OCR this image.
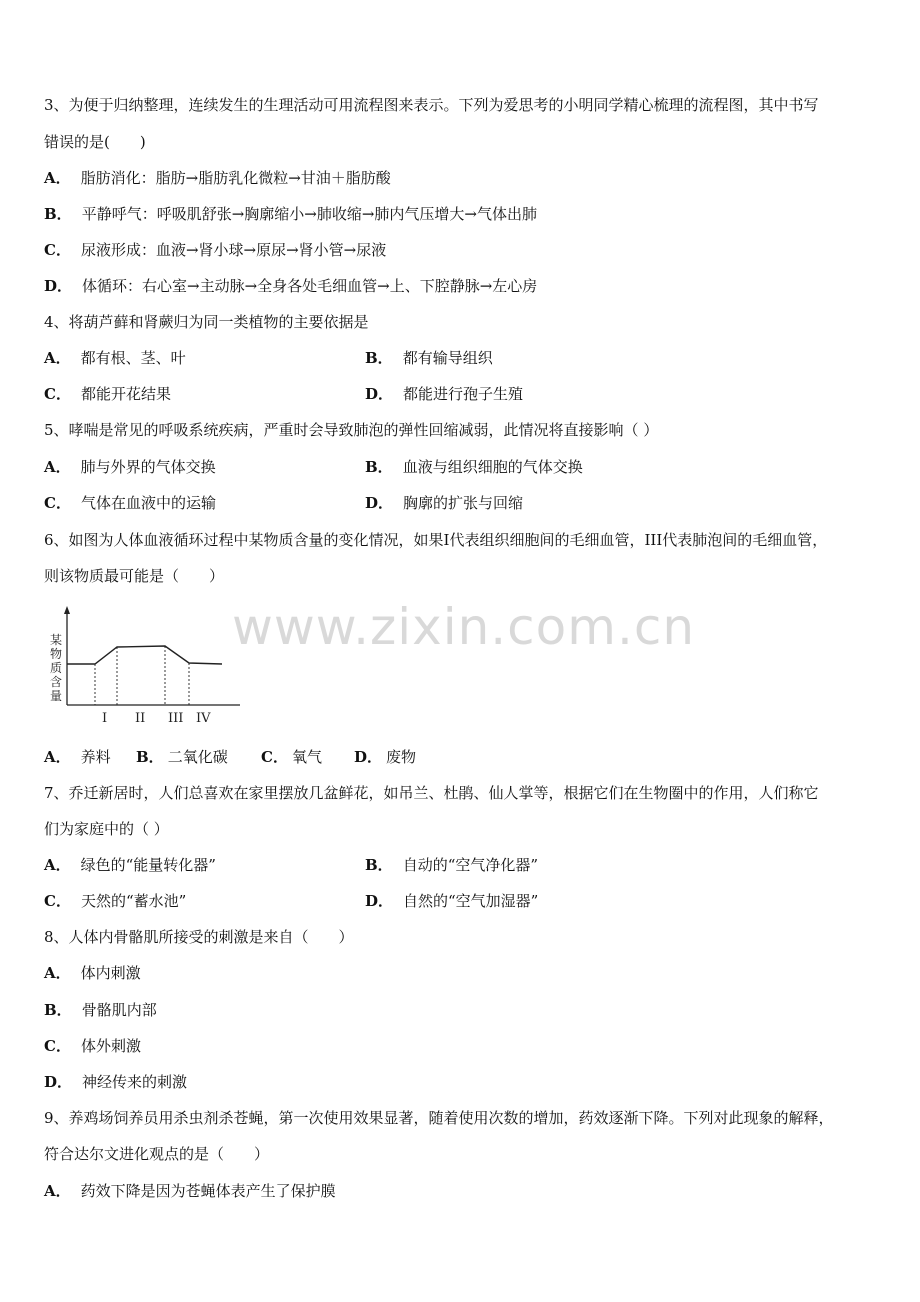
www.zixin.com.cn
3、为便于归纳整理，连续发生的生理活动可用流程图来表示。下列为爱思考的小明同学精心梳理的流程图，其中书写
错误的是(　　)
A． 脂肪消化：脂肪→脂肪乳化微粒→甘油＋脂肪酸
B． 平静呼气：呼吸肌舒张→胸廓缩小→肺收缩→肺内气压增大→气体出肺
C． 尿液形成：血液→肾小球→原尿→肾小管→尿液
D． 体循环：右心室→主动脉→全身各处毛细血管→上、下腔静脉→左心房
4、将葫芦藓和肾蕨归为同一类植物的主要依据是
A． 都有根、茎、叶	B． 都有输导组织
C． 都能开花结果	D． 都能进行孢子生殖
5、哮喘是常见的呼吸系统疾病，严重时会导致肺泡的弹性回缩减弱，此情况将直接影响（ ）
A． 肺与外界的气体交换	B． 血液与组织细胞的气体交换
C． 气体在血液中的运输	D． 胸廓的扩张与回缩
6、如图为人体血液循环过程中某物质含量的变化情况，如果I代表组织细胞间的毛细血管，III代表肺泡间的毛细血管，
则该物质最可能是（　　）
某
物
质
含
量
I II III IV
A． 养料 B． 二氧化碳 C． 氧气 D． 废物
7、乔迁新居时，人们总喜欢在家里摆放几盆鲜花，如吊兰、杜鹃、仙人掌等，根据它们在生物圈中的作用，人们称它
们为家庭中的（ ）
A． 绿色的“能量转化器”	B． 自动的“空气净化器”
C． 天然的“蓄水池”	D． 自然的“空气加湿器”
8、人体内骨骼肌所接受的刺激是来自（　　）
A． 体内刺激
B． 骨骼肌内部
C． 体外刺激
D． 神经传来的刺激
9、养鸡场饲养员用杀虫剂杀苍蝇，第一次使用效果显著，随着使用次数的增加，药效逐渐下降。下列对此现象的解释，
符合达尔文进化观点的是（　　）
A． 药效下降是因为苍蝇体表产生了保护膜
